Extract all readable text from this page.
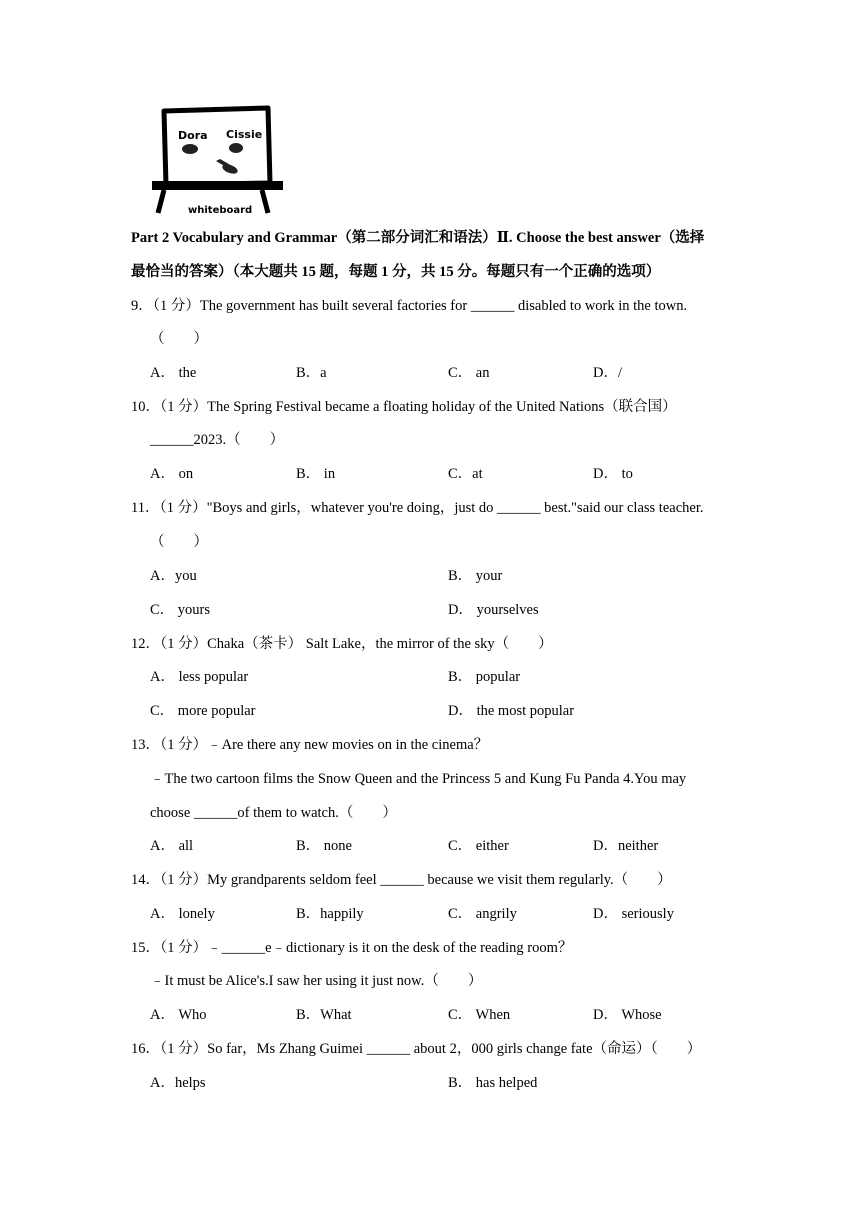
Dora Cissie
whiteboard
Part 2 Vocabulary and Grammar（第二部分词汇和语法）Ⅱ. Choose the best answer（选择
最恰当的答案）（本大题共 15 题，每题 1 分，共 15 分。每题只有一个正确的选项）
9．（1 分）The government has built several factories for ______ disabled to work in the town.
（　　）
A． the	B．a	C． an	D．/
10．（1 分）The Spring Festival became a floating holiday of the United Nations（联合国）
______2023.（　　）
A． on	B． in	C．at	D． to
11．（1 分）"Boys and girls，whatever you're doing，just do ______ best."said our class teacher.
（　　）
A．you	B． your
C． yours	D． yourselves
12．（1 分）Chaka（茶卡） Salt Lake，the mirror of the sky（　　）
A． less popular	B． popular
C． more popular	D． the most popular
13．（1 分）﹣Are there any new movies on in the cinema？
﹣The two cartoon films the Snow Queen and the Princess 5 and Kung Fu Panda 4.You may
choose ______of them to watch.（　　）
A． all	B． none	C． either	D．neither
14．（1 分）My grandparents seldom feel ______ because we visit them regularly.（　　）
A． lonely	B．happily	C． angrily	D． seriously
15．（1 分）﹣______e﹣dictionary is it on the desk of the reading room？
﹣It must be Alice's.I saw her using it just now.（　　）
A． Who	B．What	C． When	D． Whose
16．（1 分）So far，Ms Zhang Guimei ______ about 2，000 girls change fate（命运）（　　）
A．helps	B． has helped
